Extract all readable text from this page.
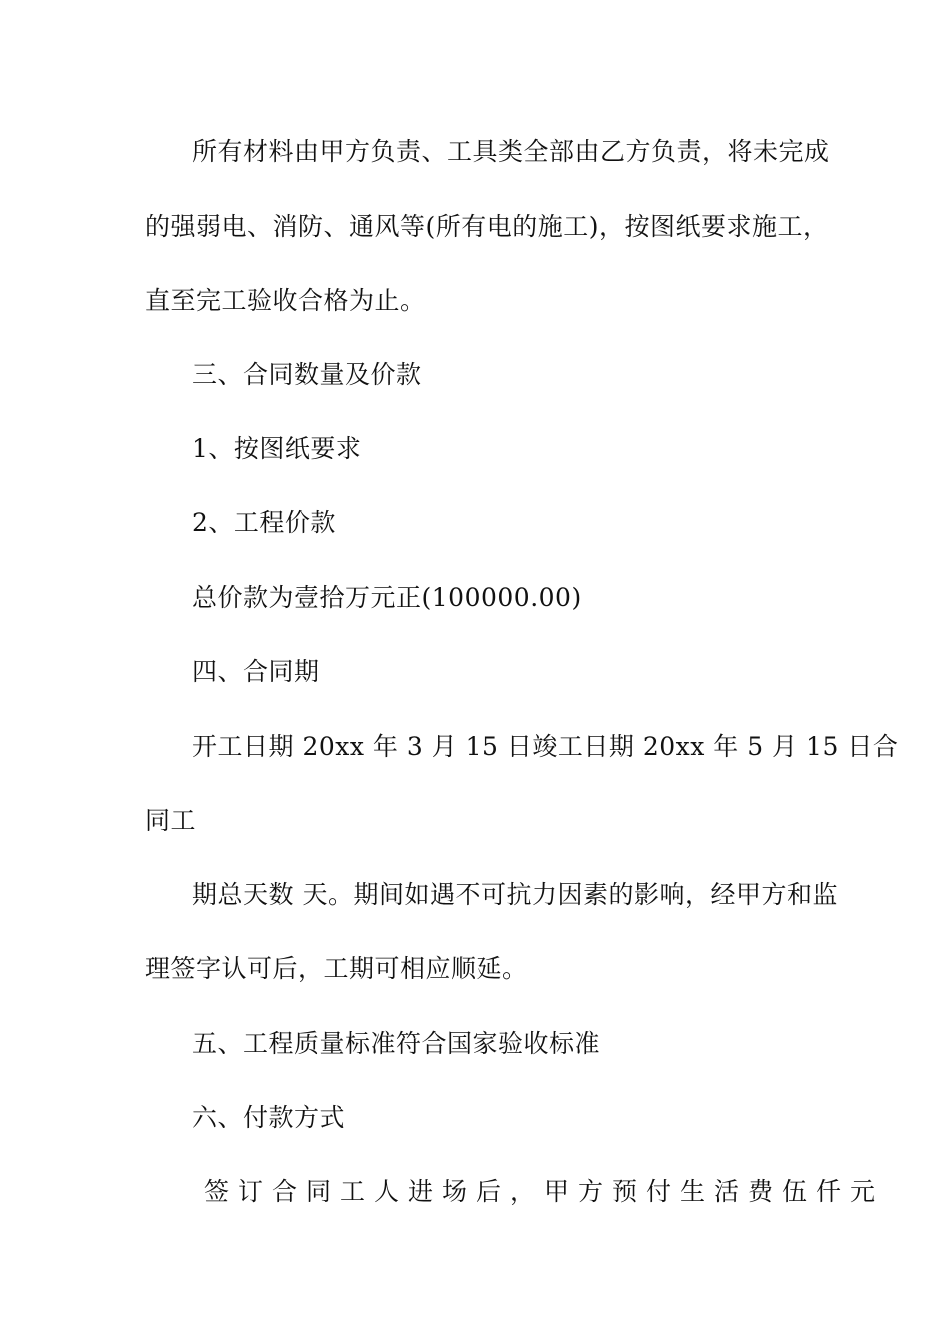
所有材料由甲方负责、工具类全部由乙方负责，将未完成
的强弱电、消防、通风等(所有电的施工)，按图纸要求施工，
直至完工验收合格为止。
三、合同数量及价款
1、按图纸要求
2、工程价款
总价款为壹拾万元正(100000.00)
四、合同期
开工日期 20xx 年 3 月 15 日竣工日期 20xx 年 5 月 15 日合
同工
期总天数 天。期间如遇不可抗力因素的影响，经甲方和监
理签字认可后，工期可相应顺延。
五、工程质量标准符合国家验收标准
六、付款方式
签订合同工人进场后，甲方预付生活费伍仟元
